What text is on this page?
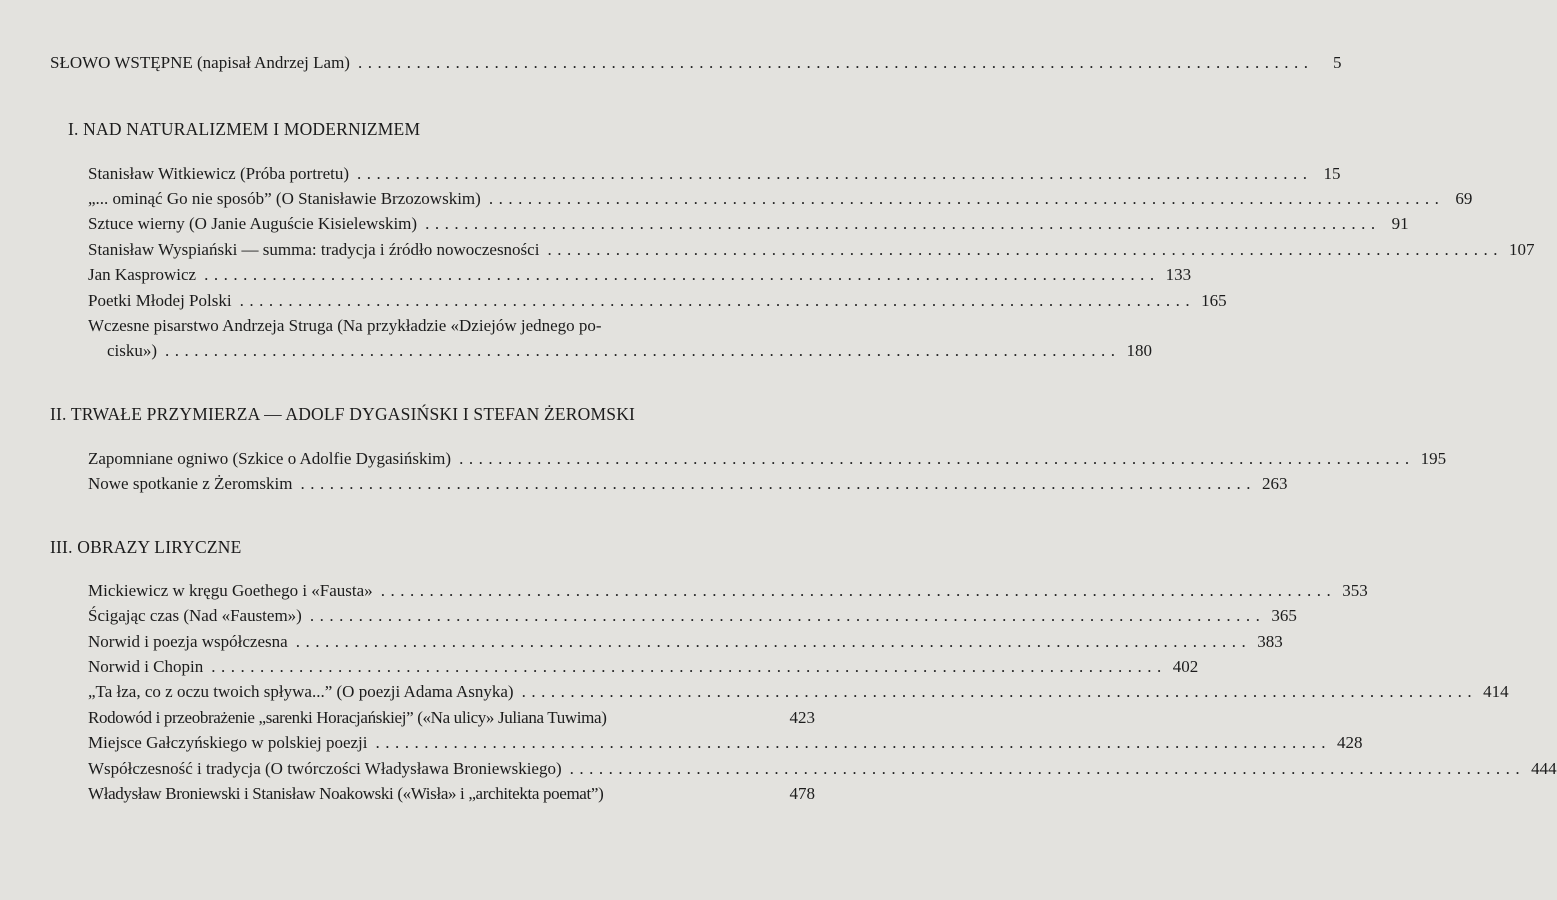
SŁOWO WSTĘPNE (napisał Andrzej Lam) ..................................................................................................	5
I. NAD NATURALIZMEM I MODERNIZMEM
Stanisław Witkiewicz (Próba portretu) .................................................................................................. 15
„... ominąć Go nie sposób” (O Stanisławie Brzozowskim) .................................................................................................. 69
Sztuce wierny (O Janie Auguście Kisielewskim) .................................................................................................. 91
Stanisław Wyspiański — summa: tradycja i źródło nowoczesności .................................................................................................. 107
Jan Kasprowicz .................................................................................................. 133
Poetki Młodej Polski .................................................................................................. 165
Wczesne pisarstwo Andrzeja Struga (Na przykładzie «Dziejów jednego po-
cisku») .................................................................................................. 180
II. TRWAŁE PRZYMIERZA — ADOLF DYGASIŃSKI I STEFAN ŻEROMSKI
Zapomniane ogniwo (Szkice o Adolfie Dygasińskim) .................................................................................................. 195
Nowe spotkanie z Żeromskim .................................................................................................. 263
III. OBRAZY LIRYCZNE
Mickiewicz w kręgu Goethego i «Fausta» .................................................................................................. 353
Ścigając czas (Nad «Faustem») .................................................................................................. 365
Norwid i poezja współczesna .................................................................................................. 383
Norwid i Chopin .................................................................................................. 402
„Ta łza, co z oczu twoich spływa...” (O poezji Adama Asnyka) .................................................................................................. 414
Rodowód i przeobrażenie „sarenki Horacjańskiej” («Na ulicy» Juliana Tuwima)	423
Miejsce Gałczyńskiego w polskiej poezji .................................................................................................. 428
Współczesność i tradycja (O twórczości Władysława Broniewskiego) .................................................................................................. 444
Władysław Broniewski i Stanisław Noakowski («Wisła» i „architekta poemat”)	478
